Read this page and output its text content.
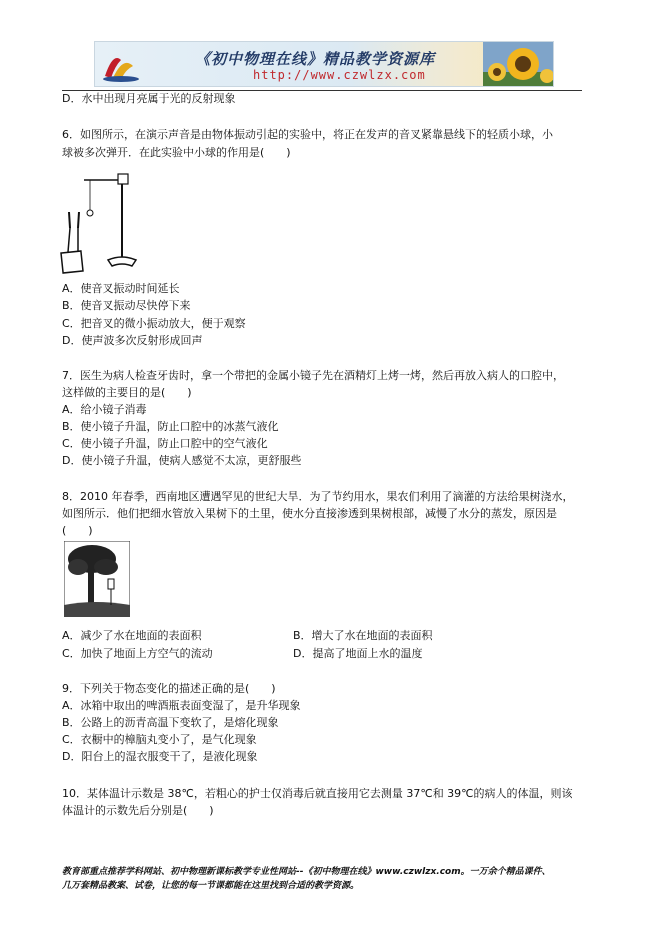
《初中物理在线》精品教学资源库
http://www.czwlzx.com
D．水中出现月亮属于光的反射现象
6．如图所示，在演示声音是由物体振动引起的实验中，将正在发声的音叉紧靠悬线下的轻质小球，小
球被多次弹开．在此实验中小球的作用是(　　)
A．使音叉振动时间延长
B．使音叉振动尽快停下来
C．把音叉的微小振动放大，便于观察
D．使声波多次反射形成回声
7．医生为病人检查牙齿时，拿一个带把的金属小镜子先在酒精灯上烤一烤，然后再放入病人的口腔中，
这样做的主要目的是(　　)
A．给小镜子消毒
B．使小镜子升温，防止口腔中的冰蒸气液化
C．使小镜子升温，防止口腔中的空气液化
D．使小镜子升温，使病人感觉不太凉，更舒服些
8．2010 年春季，西南地区遭遇罕见的世纪大旱．为了节约用水，果农们利用了滴灌的方法给果树浇水，
如图所示．他们把细水管放入果树下的土里，使水分直接渗透到果树根部，减慢了水分的蒸发，原因是
(　　)
A．减少了水在地面的表面积	B．增大了水在地面的表面积
C．加快了地面上方空气的流动	D．提高了地面上水的温度
9．下列关于物态变化的描述正确的是(　　)
A．冰箱中取出的啤酒瓶表面变湿了，是升华现象
B．公路上的沥青高温下变软了，是熔化现象
C．衣橱中的樟脑丸变小了，是气化现象
D．阳台上的湿衣服变干了，是液化现象
10．某体温计示数是 38℃，若粗心的护士仅消毒后就直接用它去测量 37℃和 39℃的病人的体温，则该
体温计的示数先后分别是(　　)
教育部重点推荐学科网站、初中物理新课标教学专业性网站--《初中物理在线》www.czwlzx.com。一万余个精品课件、
几万套精品教案、试卷，让您的每一节课都能在这里找到合适的教学资源。
